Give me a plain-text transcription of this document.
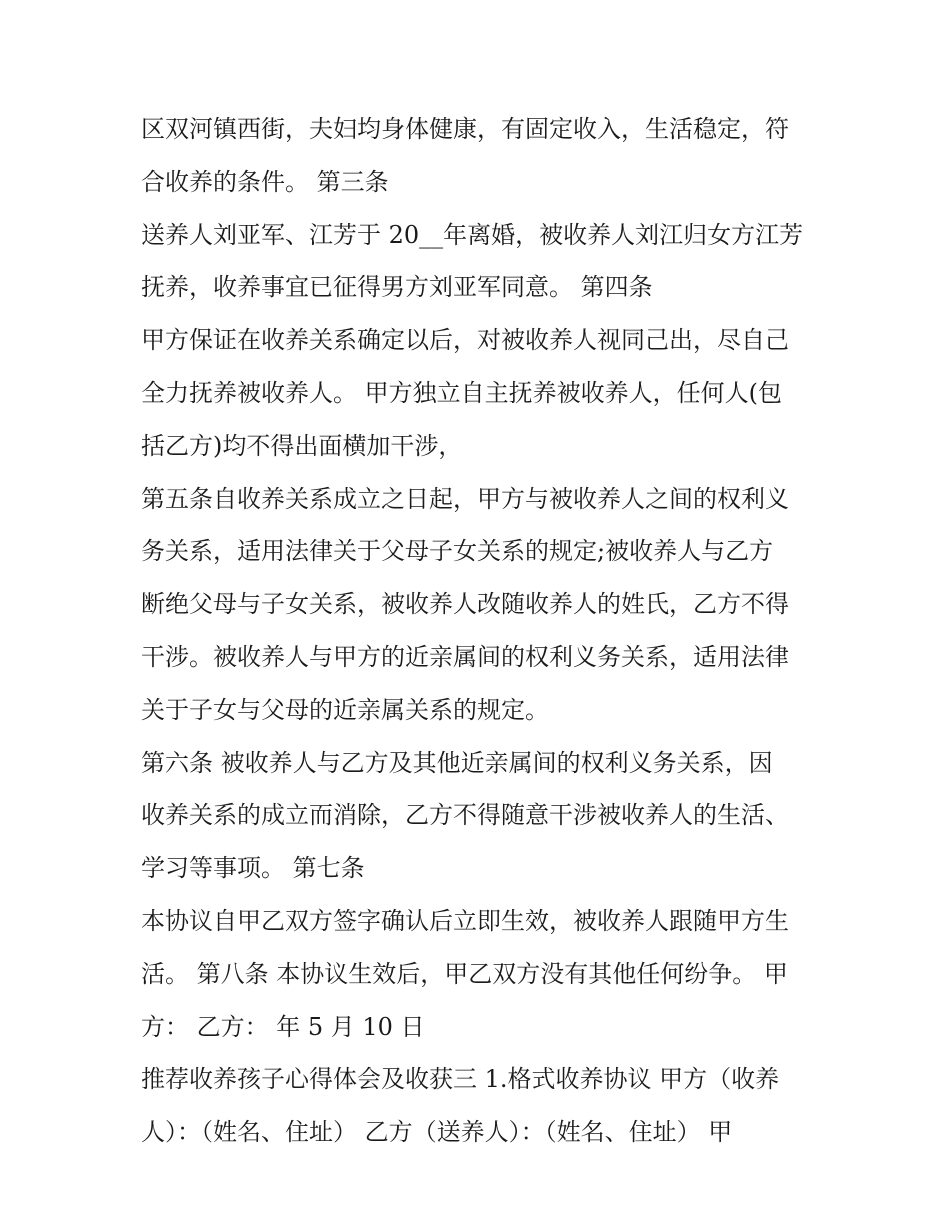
区双河镇西街，夫妇均身体健康，有固定收入，生活稳定，符
合收养的条件。 第三条
送养人刘亚军、江芳于 20__年离婚，被收养人刘江归女方江芳
抚养，收养事宜已征得男方刘亚军同意。 第四条
甲方保证在收养关系确定以后，对被收养人视同己出，尽自己
全力抚养被收养人。 甲方独立自主抚养被收养人，任何人(包
括乙方)均不得出面横加干涉，
第五条自收养关系成立之日起，甲方与被收养人之间的权利义
务关系，适用法律关于父母子女关系的规定;被收养人与乙方
断绝父母与子女关系，被收养人改随收养人的姓氏，乙方不得
干涉。被收养人与甲方的近亲属间的权利义务关系，适用法律
关于子女与父母的近亲属关系的规定。
第六条 被收养人与乙方及其他近亲属间的权利义务关系，因
收养关系的成立而消除，乙方不得随意干涉被收养人的生活、
学习等事项。 第七条
本协议自甲乙双方签字确认后立即生效，被收养人跟随甲方生
活。 第八条 本协议生效后，甲乙双方没有其他任何纷争。 甲
方： 乙方： 年 5 月 10 日
推荐收养孩子心得体会及收获三 1.格式收养协议 甲方（收养
人）：（姓名、住址） 乙方（送养人）：（姓名、住址） 甲
